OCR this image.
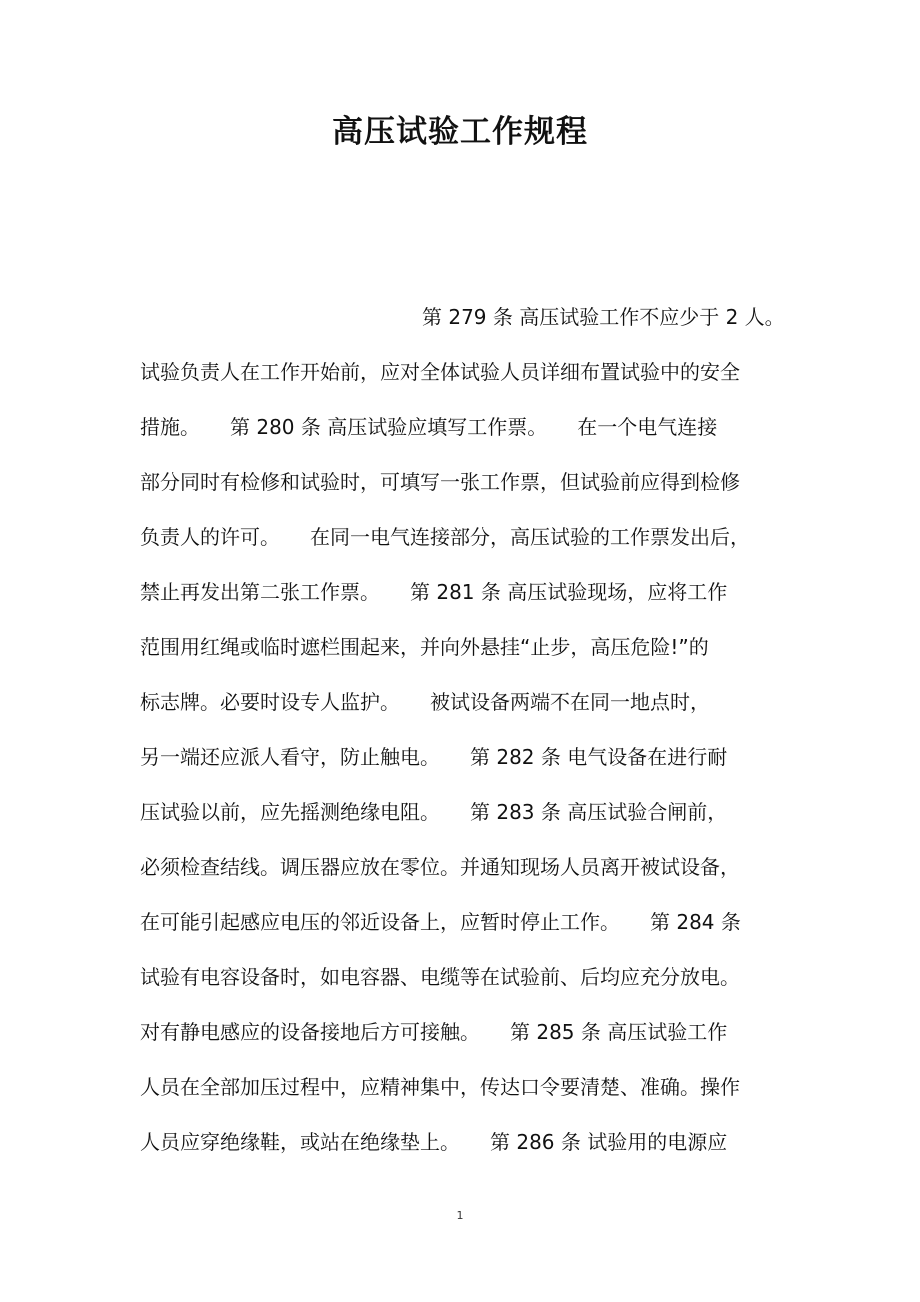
高压试验工作规程
第 279 条 高压试验工作不应少于 2 人。
试验负责人在工作开始前，应对全体试验人员详细布置试验中的安全
措施。　　第 280 条 高压试验应填写工作票。　　在一个电气连接
部分同时有检修和试验时，可填写一张工作票，但试验前应得到检修
负责人的许可。　　在同一电气连接部分，高压试验的工作票发出后，
禁止再发出第二张工作票。　　第 281 条 高压试验现场，应将工作
范围用红绳或临时遮栏围起来，并向外悬挂“止步，高压危险!”的
标志牌。必要时设专人监护。　　被试设备两端不在同一地点时，
另一端还应派人看守，防止触电。　　第 282 条 电气设备在进行耐
压试验以前，应先摇测绝缘电阻。　　第 283 条 高压试验合闸前，
必须检查结线。调压器应放在零位。并通知现场人员离开被试设备，
在可能引起感应电压的邻近设备上，应暂时停止工作。　　第 284 条
试验有电容设备时，如电容器、电缆等在试验前、后均应充分放电。
对有静电感应的设备接地后方可接触。　　第 285 条 高压试验工作
人员在全部加压过程中，应精神集中，传达口令要清楚、准确。操作
人员应穿绝缘鞋，或站在绝缘垫上。　　第 286 条 试验用的电源应
1
